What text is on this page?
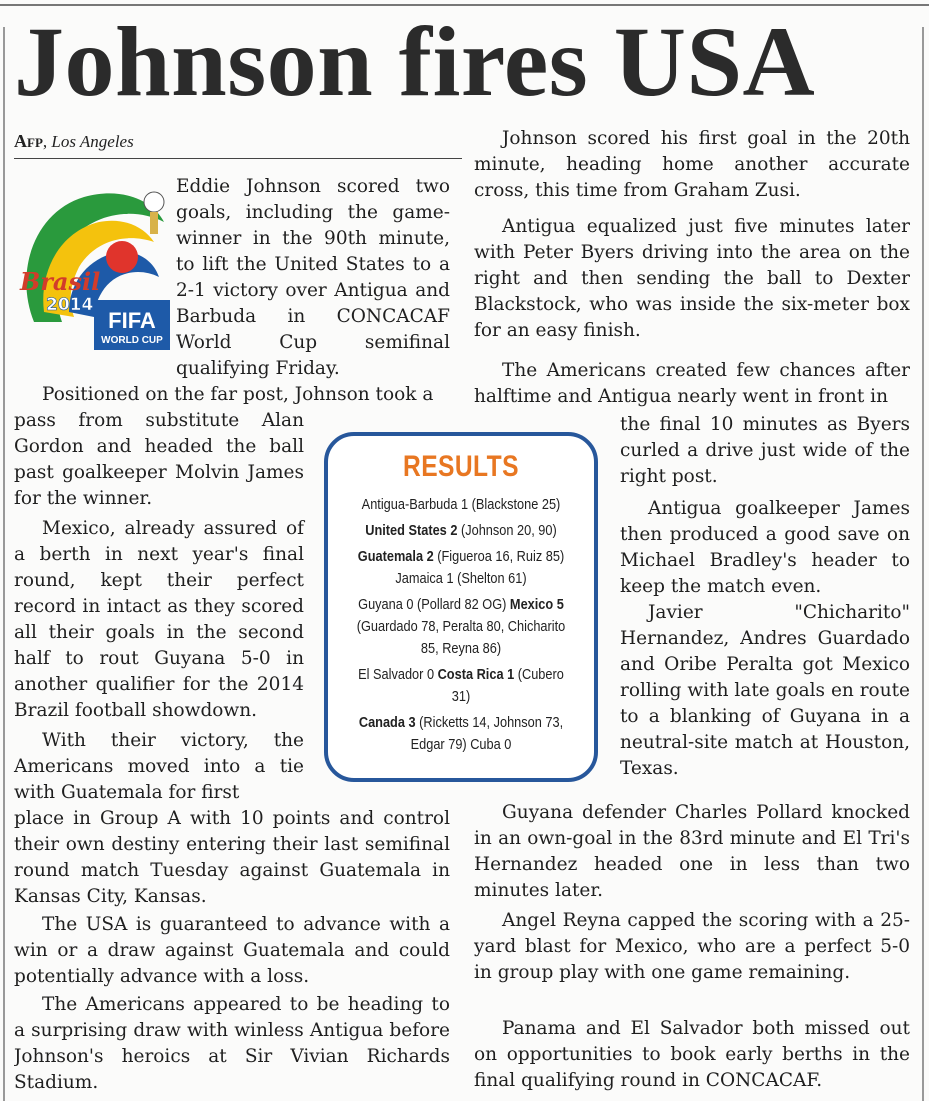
Johnson fires USA
Afp, Los Angeles
Brasil
2014
FIFA
WORLD CUP

Eddie Johnson scored two goals, including the game-winner in the 90th minute, to lift the United States to a 2-1 victory over Antigua and Barbuda in CONCACAF World Cup semifinal qualifying Friday.

Positioned on the far post, Johnson took a

pass from substitute Alan Gordon and headed the ball past goalkeeper Molvin James for the winner.

Mexico, already assured of a berth in next year's final round, kept their perfect record in intact as they scored all their goals in the second half to rout Guyana 5-0 in another qualifier for the 2014 Brazil football showdown.

With their victory, the Americans moved into a tie with Guatemala for first

place in Group A with 10 points and control their own destiny entering their last semifinal round match Tuesday against Guatemala in Kansas City, Kansas.

The USA is guaranteed to advance with a win or a draw against Guatemala and could potentially advance with a loss.

The Americans appeared to be heading to a surprising draw with winless Antigua before Johnson's heroics at Sir Vivian Richards Stadium.

Johnson scored his first goal in the 20th minute, heading home another accurate cross, this time from Graham Zusi.

Antigua equalized just five minutes later with Peter Byers driving into the area on the right and then sending the ball to Dexter Blackstock, who was inside the six-meter box for an easy finish.

The Americans created few chances after halftime and Antigua nearly went in front in

the final 10 minutes as Byers curled a drive just wide of the right post.

Antigua goalkeeper James then produced a good save on Michael Bradley's header to keep the match even.

Javier "Chicharito" Hernandez, Andres Guardado and Oribe Peralta got Mexico rolling with late goals en route to a blanking of Guyana in a neutral-site match at Houston, Texas.

Guyana defender Charles Pollard knocked in an own-goal in the 83rd minute and El Tri's Hernandez headed one in less than two minutes later.

Angel Reyna capped the scoring with a 25-yard blast for Mexico, who are a perfect 5-0 in group play with one game remaining.

Panama and El Salvador both missed out on opportunities to book early berths in the final qualifying round in CONCACAF.

RESULTS

Antigua-Barbuda 1 (Blackstone 25)

United States 2 (Johnson 20, 90)

Guatemala 2 (Figueroa 16, Ruiz 85) Jamaica 1 (Shelton 61)

Guyana 0 (Pollard 82 OG) Mexico 5 (Guardado 78, Peralta 80, Chicharito 85, Reyna 86)

El Salvador 0 Costa Rica 1 (Cubero 31)

Canada 3 (Ricketts 14, Johnson 73, Edgar 79) Cuba 0
